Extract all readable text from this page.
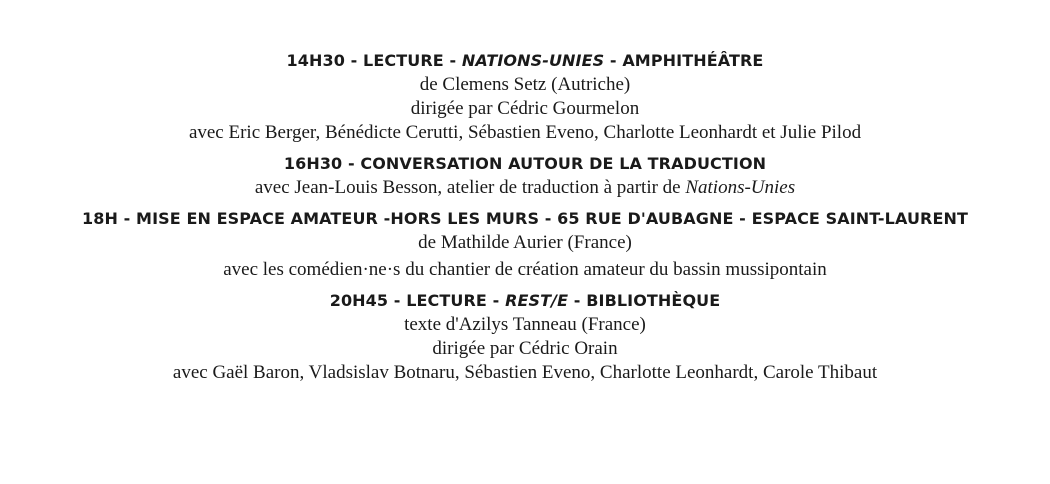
14H30 - LECTURE - NATIONS-UNIES - AMPHITHÉÂTRE
de Clemens Setz (Autriche)
dirigée par Cédric Gourmelon
avec Eric Berger, Bénédicte Cerutti, Sébastien Eveno, Charlotte Leonhardt et Julie Pilod
16H30 - CONVERSATION AUTOUR DE LA TRADUCTION
avec Jean-Louis Besson, atelier de traduction à partir de Nations-Unies
18H - MISE EN ESPACE AMATEUR -HORS LES MURS - 65 RUE D'AUBAGNE - ESPACE SAINT-LAURENT
de Mathilde Aurier (France)
avec les comédien·ne·s du chantier de création amateur du bassin mussipontain
20H45 - LECTURE - REST/E - BIBLIOTHÈQUE
texte d'Azilys Tanneau (France)
dirigée par Cédric Orain
avec Gaël Baron, Vladsislav Botnaru, Sébastien Eveno, Charlotte Leonhardt, Carole Thibaut
